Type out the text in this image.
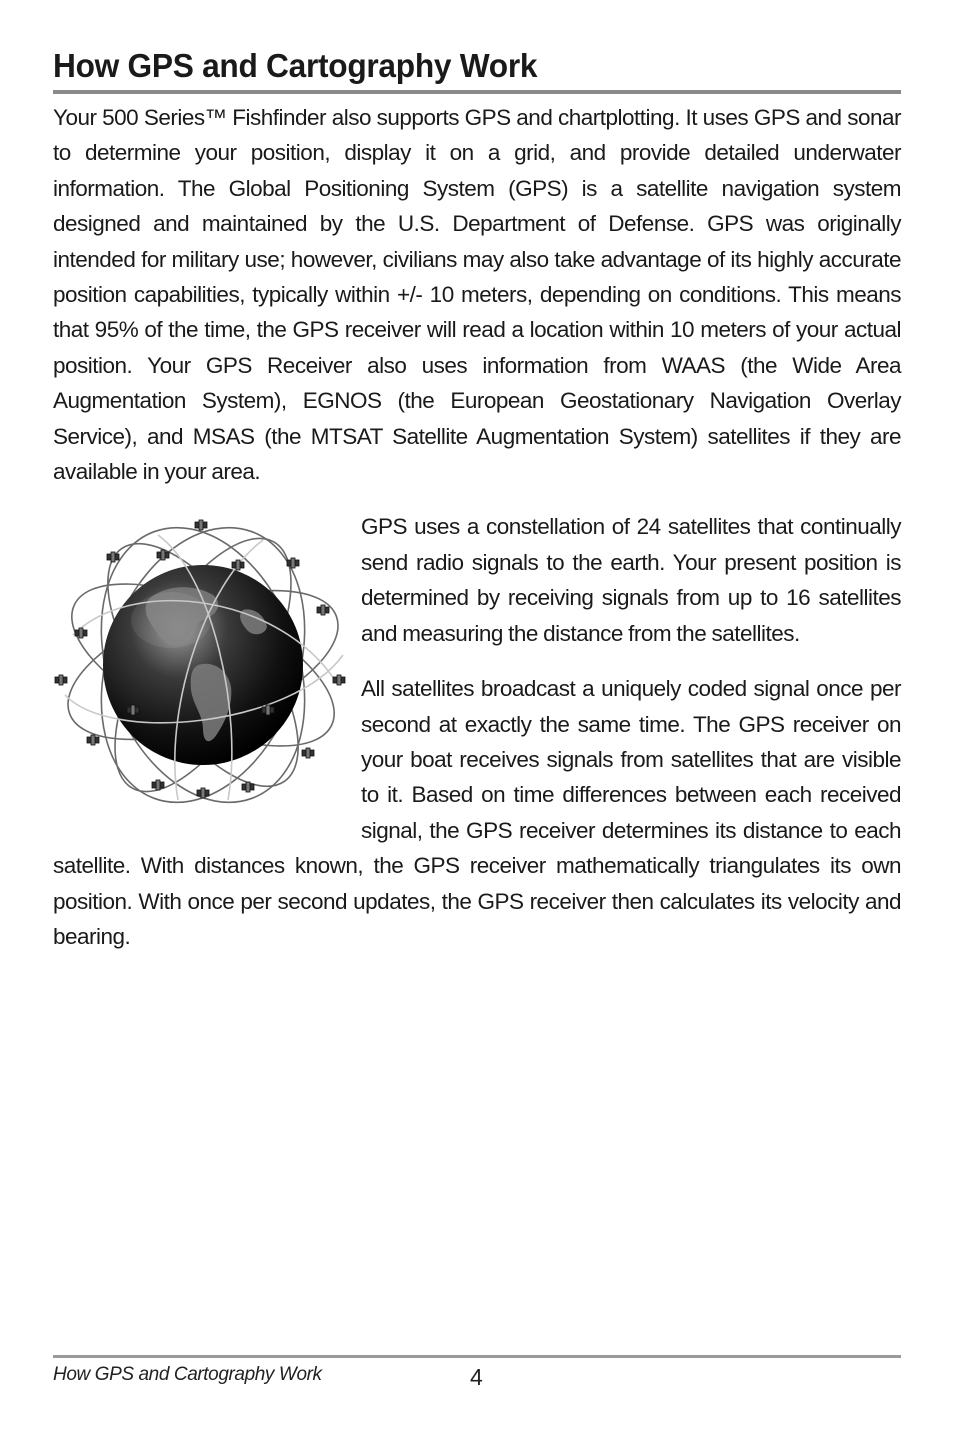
How GPS and Cartography Work

Your 500 Series™ Fishfinder also supports GPS and chartplotting. It uses GPS and sonar to determine your position, display it on a grid, and provide detailed underwater information. The Global Positioning System (GPS) is a satellite navigation system designed and maintained by the U.S. Department of Defense. GPS was originally intended for military use; however, civilians may also take advantage of its highly accurate position capabilities, typically within +/- 10 meters, depending on conditions. This means that 95% of the time, the GPS receiver will read a location within 10 meters of your actual position. Your GPS Receiver also uses information from WAAS (the Wide Area Augmentation System), EGNOS (the European Geostationary Navigation Overlay Service), and MSAS (the MTSAT Satellite Augmentation System) satellites if they are available in your area.

GPS uses a constellation of 24 satellites that continually send radio signals to the earth. Your present position is determined by receiving signals from up to 16 satellites and measuring the distance from the satellites.

All satellites broadcast a uniquely coded signal once per second at exactly the same time. The GPS receiver on your boat receives signals from satellites that are visible to it. Based on time differences between each received signal, the GPS receiver determines its distance to each satellite. With distances known, the GPS receiver mathematically triangulates its own position. With once per second updates, the GPS receiver then calculates its velocity and bearing.

How GPS and Cartography Work	4
